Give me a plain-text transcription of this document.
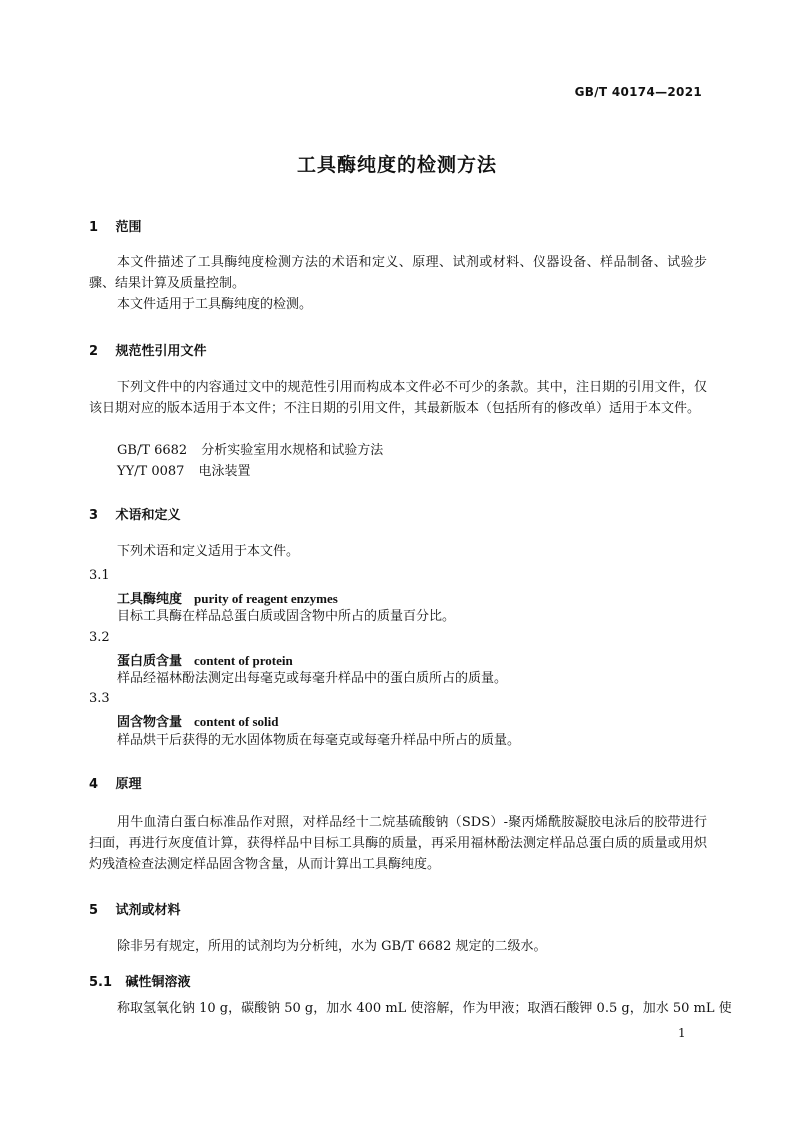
GB/T 40174—2021
工具酶纯度的检测方法
1 范围
本文件描述了工具酶纯度检测方法的术语和定义、原理、试剂或材料、仪器设备、样品制备、试验步骤、结果计算及质量控制。
本文件适用于工具酶纯度的检测。
2 规范性引用文件
下列文件中的内容通过文中的规范性引用而构成本文件必不可少的条款。其中，注日期的引用文件，仅该日期对应的版本适用于本文件；不注日期的引用文件，其最新版本（包括所有的修改单）适用于本文件。
GB/T 6682 分析实验室用水规格和试验方法
YY/T 0087 电泳装置
3 术语和定义
下列术语和定义适用于本文件。
3.1
工具酶纯度 purity of reagent enzymes
目标工具酶在样品总蛋白质或固含物中所占的质量百分比。
3.2
蛋白质含量 content of protein
样品经福林酚法测定出每毫克或每毫升样品中的蛋白质所占的质量。
3.3
固含物含量 content of solid
样品烘干后获得的无水固体物质在每毫克或每毫升样品中所占的质量。
4 原理
用牛血清白蛋白标准品作对照，对样品经十二烷基硫酸钠（SDS）-聚丙烯酰胺凝胶电泳后的胶带进行扫面，再进行灰度值计算，获得样品中目标工具酶的质量，再采用福林酚法测定样品总蛋白质的质量或用炽灼残渣检查法测定样品固含物含量，从而计算出工具酶纯度。
5 试剂或材料
除非另有规定，所用的试剂均为分析纯，水为 GB/T 6682 规定的二级水。
5.1 碱性铜溶液
称取氢氧化钠 10 g，碳酸钠 50 g，加水 400 mL 使溶解，作为甲液；取酒石酸钾 0.5 g，加水 50 mL 使
1
